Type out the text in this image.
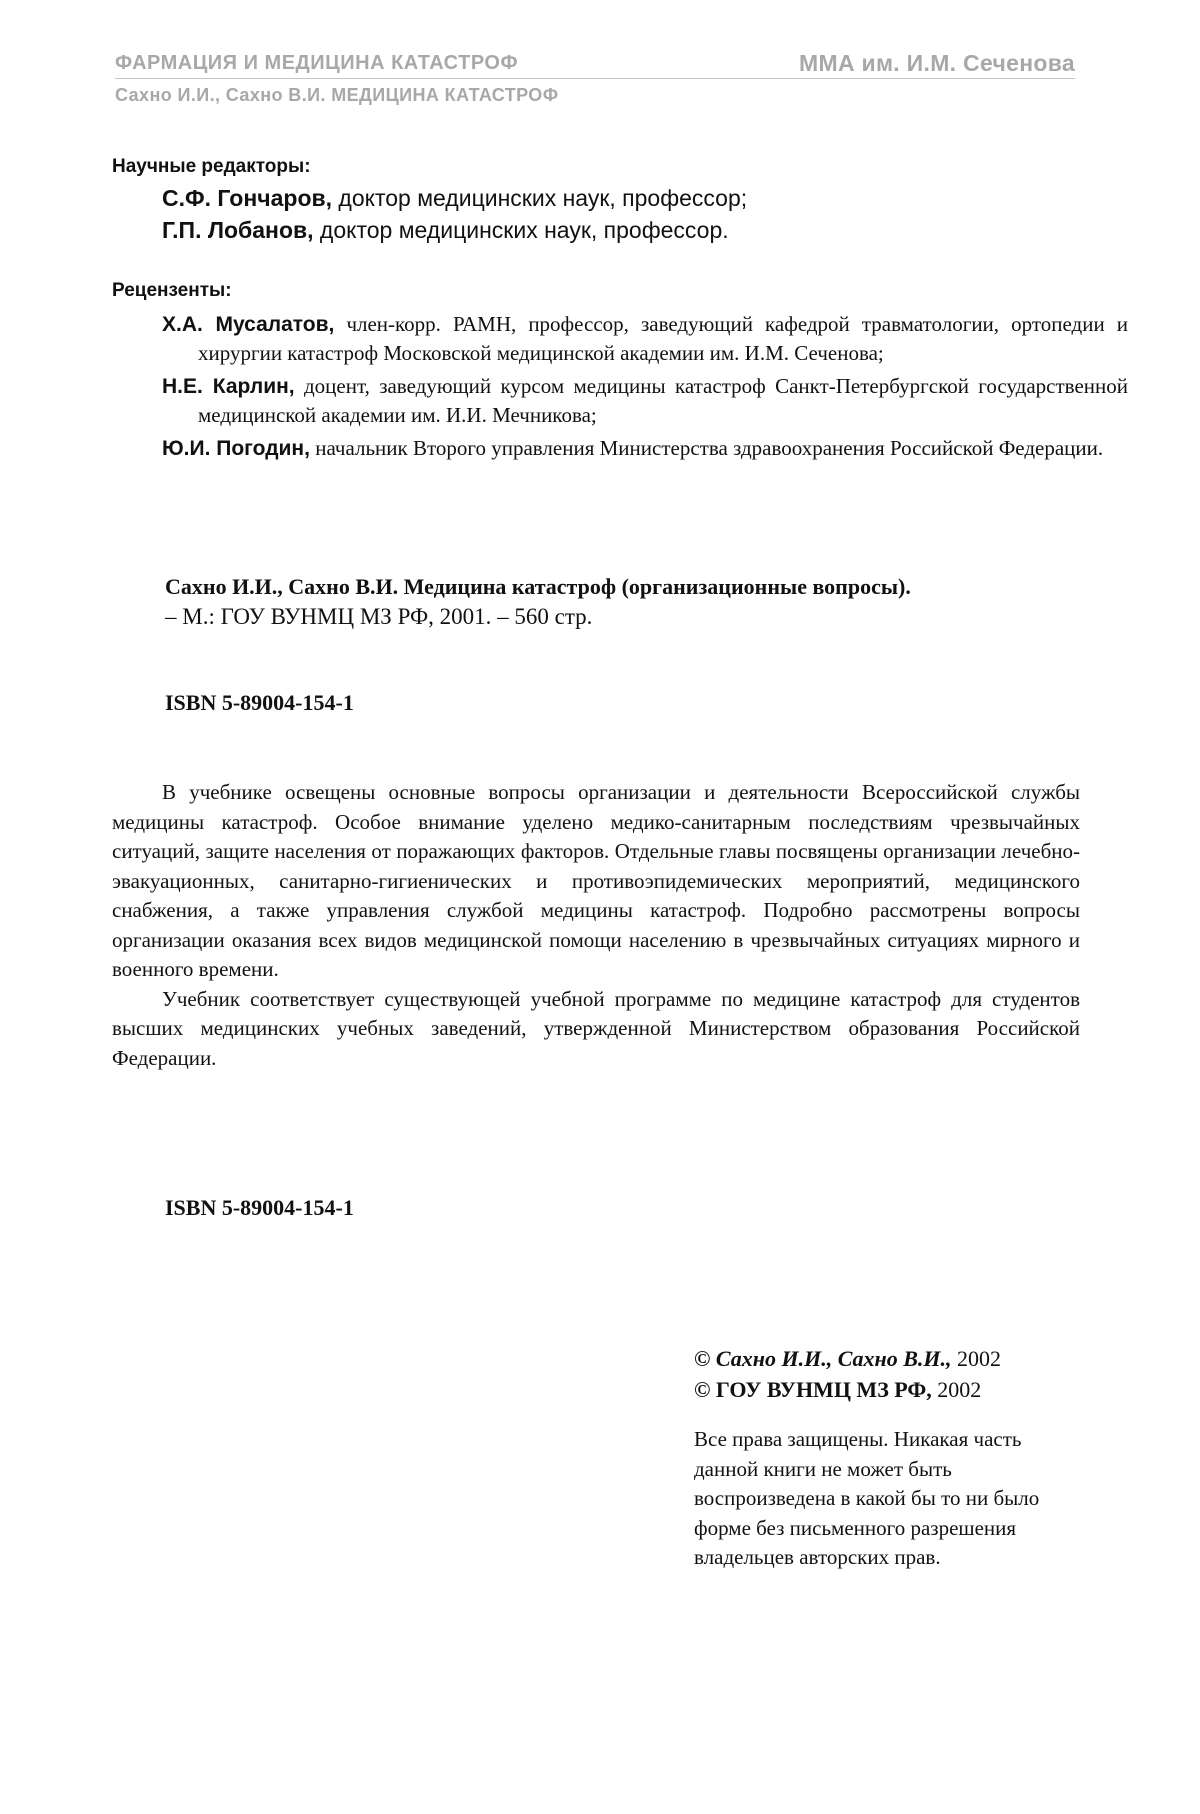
ФАРМАЦИЯ И МЕДИЦИНА КАТАСТРОФ	ММА им. И.М. Сеченова
Сахно И.И., Сахно В.И. МЕДИЦИНА КАТАСТРОФ
Научные редакторы:
С.Ф. Гончаров, доктор медицинских наук, профессор;
Г.П. Лобанов, доктор медицинских наук, профессор.
Рецензенты:
Х.А. Мусалатов, член-корр. РАМН, профессор, заведующий кафедрой травматологии, ортопедии и хирургии катастроф Московской медицинской академии им. И.М. Сеченова;
Н.Е. Карлин, доцент, заведующий курсом медицины катастроф Санкт-Петербургской государственной медицинской академии им. И.И. Мечникова;
Ю.И. Погодин, начальник Второго управления Министерства здравоохранения Российской Федерации.
Сахно И.И., Сахно В.И. Медицина катастроф (организационные вопросы).
– М.: ГОУ ВУНМЦ МЗ РФ, 2001. – 560 стр.
ISBN 5-89004-154-1

В учебнике освещены основные вопросы организации и деятельности Всероссийской службы медицины катастроф. Особое внимание уделено медико-санитарным последствиям чрезвычайных ситуаций, защите населения от поражающих факторов. Отдельные главы посвящены организации лечебно-эвакуационных, санитарно-гигиенических и противоэпидемических мероприятий, медицинского снабжения, а также управления службой медицины катастроф. Подробно рассмотрены вопросы организации оказания всех видов медицинской помощи населению в чрезвычайных ситуациях мирного и военного времени.

Учебник соответствует существующей учебной программе по медицине катастроф для студентов высших медицинских учебных заведений, утвержденной Министерством образования Российской Федерации.

ISBN 5-89004-154-1
© Сахно И.И., Сахно В.И., 2002
© ГОУ ВУНМЦ МЗ РФ, 2002
Все права защищены. Никакая часть данной книги не может быть воспроизведена в какой бы то ни было форме без письменного разрешения владельцев авторских прав.
